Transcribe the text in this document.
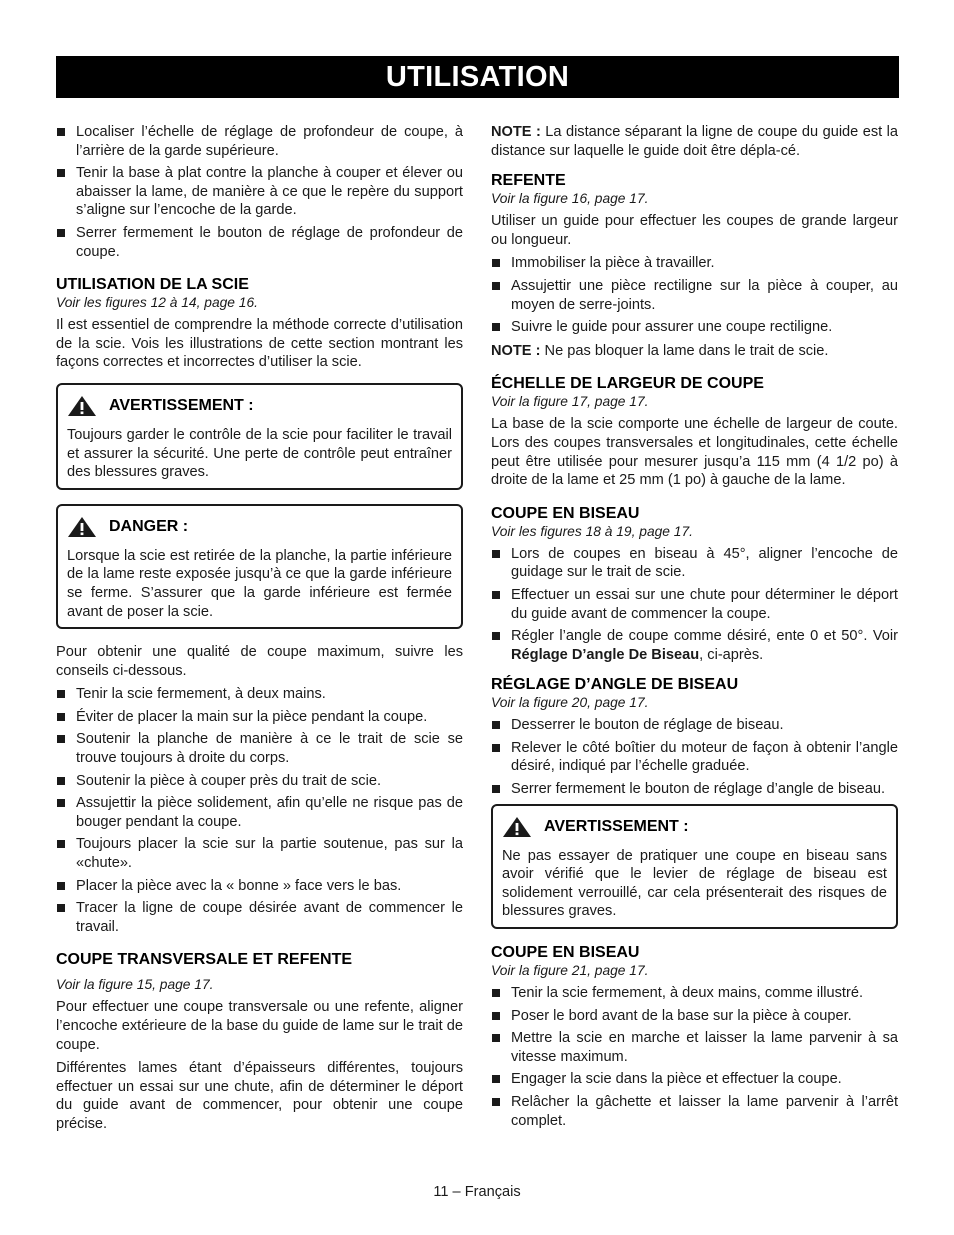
UTILISATION
Localiser l’échelle de réglage de profondeur de coupe, à l’arrière de la garde supérieure.
Tenir la base à plat contre la planche à couper et élever ou abaisser la lame, de manière à ce que le repère du support s’aligne sur l’encoche de la garde.
Serrer fermement le bouton de réglage de profondeur de coupe.
UTILISATION DE LA SCIE
Voir les figures 12 à 14, page 16.

Il est essentiel de comprendre la méthode correcte d’utilisation de la scie. Vois les illustrations de cette section montrant les façons correctes et incorrectes d’utiliser la scie.

AVERTISSEMENT :

Toujours garder le contrôle de la scie pour faciliter le travail et assurer la sécurité. Une perte de contrôle peut entraîner des blessures graves.

DANGER :

Lorsque la scie est retirée de la planche, la partie inférieure de la lame reste exposée jusqu’à ce que la garde inférieure se ferme. S’assurer que la garde inférieure est fermée avant de poser la scie.

Pour obtenir une qualité de coupe maximum, suivre les conseils ci-dessous.

Tenir la scie fermement, à deux mains.
Éviter de placer la main sur la pièce pendant la coupe.
Soutenir la planche de manière à ce le trait de scie se trouve toujours à droite du corps.
Soutenir la pièce à couper près du trait de scie.
Assujettir la pièce solidement, afin qu’elle ne risque pas de bouger pendant la coupe.
Toujours placer la scie sur la partie soutenue, pas sur la «chute».
Placer la pièce avec la « bonne » face vers le bas.
Tracer la ligne de coupe désirée avant de commencer le travail.
COUPE TRANSVERSALE ET REFENTE
Voir la figure 15, page 17.

Pour effectuer une coupe transversale ou une refente, aligner l’encoche extérieure de la base du guide de lame sur le trait de coupe.

Différentes lames étant d’épaisseurs différentes, toujours effectuer un essai sur une chute, afin de déterminer le déport du guide avant de commencer, pour obtenir une coupe précise.

NOTE : La distance séparant la ligne de coupe du guide est la distance sur laquelle le guide doit être dépla-cé.

REFENTE
Voir la figure 16, page 17.

Utiliser un guide pour effectuer les coupes de grande largeur ou longueur.

Immobiliser la pièce à travailler.
Assujettir une pièce rectiligne sur la pièce à couper, au moyen de serre-joints.
Suivre le guide pour assurer une coupe rectiligne.

NOTE : Ne pas bloquer la lame dans le trait de scie.

ÉCHELLE DE LARGEUR DE COUPE
Voir la figure 17, page 17.

La base de la scie comporte une échelle de largeur de coute. Lors des coupes transversales et longitudinales, cette échelle peut être utilisée pour mesurer jusqu’a 115 mm (4 1/2 po) à droite de la lame et 25 mm (1 po) à gauche de la lame.

COUPE EN BISEAU
Voir les figures 18 à 19, page 17.
Lors de coupes en biseau à 45°, aligner l’encoche de guidage sur le trait de scie.
Effectuer un essai sur une chute pour déterminer le déport du guide avant de commencer la coupe.
Régler l’angle de coupe comme désiré, ente 0 et 50°. Voir Réglage D’angle De Biseau, ci-après.
RÉGLAGE D’ANGLE DE BISEAU
Voir la figure 20, page 17.
Desserrer le bouton de réglage de biseau.
Relever le côté boîtier du moteur de façon à obtenir l’angle désiré, indiqué par l’échelle graduée.
Serrer fermement le bouton de réglage d’angle de biseau.
AVERTISSEMENT :

Ne pas essayer de pratiquer une coupe en biseau sans avoir vérifié que le levier de réglage de biseau est solidement verrouillé, car cela présenterait des risques de blessures graves.

COUPE EN BISEAU
Voir la figure 21, page 17.
Tenir la scie fermement, à deux mains, comme illustré.
Poser le bord avant de la base sur la pièce à couper.
Mettre la scie en marche et laisser la lame parvenir à sa vitesse maximum.
Engager la scie dans la pièce et effectuer la coupe.
Relâcher la gâchette et laisser la lame parvenir à l’arrêt complet.
11 – Français
